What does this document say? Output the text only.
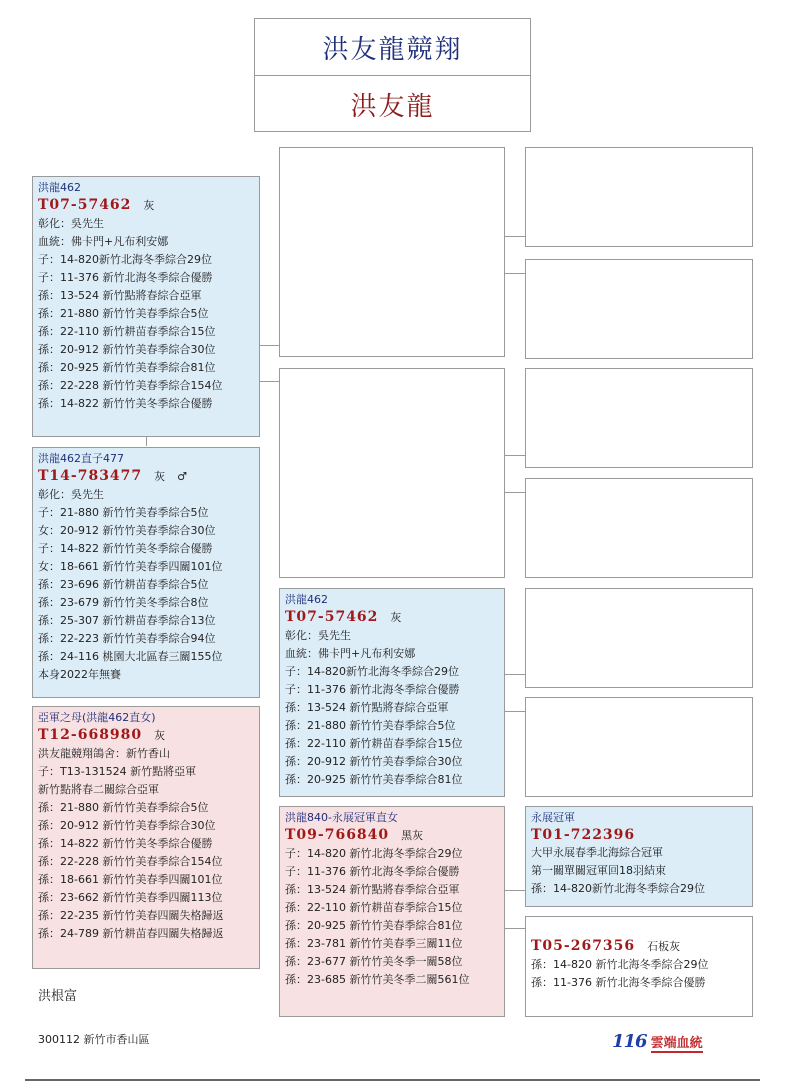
洪友龍競翔
洪友龍
洪龍462
T07-57462 灰
彰化：吳先生
血統：佛卡門+凡布利安娜
子：14-820新竹北海冬季綜合29位
子：11-376 新竹北海冬季綜合優勝
孫：13-524 新竹點將春綜合亞軍
孫：21-880 新竹竹美春季綜合5位
孫：22-110 新竹耕苗春季綜合15位
孫：20-912 新竹竹美春季綜合30位
孫：20-925 新竹竹美春季綜合81位
孫：22-228 新竹竹美春季綜合154位
孫：14-822 新竹竹美冬季綜合優勝
洪龍462直子477
T14-783477 灰 ♂
彰化：吳先生
子：21-880 新竹竹美春季綜合5位
女：20-912 新竹竹美春季綜合30位
子：14-822 新竹竹美冬季綜合優勝
女：18-661 新竹竹美春季四關101位
孫：23-696 新竹耕苗春季綜合5位
孫：23-679 新竹竹美冬季綜合8位
孫：25-307 新竹耕苗春季綜合13位
孫：22-223 新竹竹美春季綜合94位
孫：24-116 桃園大北區春三關155位
本身2022年無賽
亞軍之母(洪龍462直女)
T12-668980 灰
洪友龍競翔鴿舍：新竹香山
子：T13-131524 新竹點將亞軍
新竹點將春二關綜合亞軍
孫：21-880 新竹竹美春季綜合5位
孫：20-912 新竹竹美春季綜合30位
孫：14-822 新竹竹美冬季綜合優勝
孫：22-228 新竹竹美春季綜合154位
孫：18-661 新竹竹美春季四關101位
孫：23-662 新竹竹美春季四關113位
孫：22-235 新竹竹美春四關失格歸返
孫：24-789 新竹耕苗春四關失格歸返
洪龍462
T07-57462 灰
彰化：吳先生
血統：佛卡門+凡布利安娜
子：14-820新竹北海冬季綜合29位
子：11-376 新竹北海冬季綜合優勝
孫：13-524 新竹點將春綜合亞軍
孫：21-880 新竹竹美春季綜合5位
孫：22-110 新竹耕苗春季綜合15位
孫：20-912 新竹竹美春季綜合30位
孫：20-925 新竹竹美春季綜合81位
洪龍840-永展冠軍直女
T09-766840 黑灰
子：14-820 新竹北海冬季綜合29位
子：11-376 新竹北海冬季綜合優勝
孫：13-524 新竹點將春季綜合亞軍
孫：22-110 新竹耕苗春季綜合15位
孫：20-925 新竹竹美春季綜合81位
孫：23-781 新竹竹美春季三關11位
孫：23-677 新竹竹美冬季一關58位
孫：23-685 新竹竹美冬季二關561位
永展冠軍
T01-722396
大甲永展春季北海綜合冠軍
第一關單關冠軍回18羽結束
孫：14-820新竹北海冬季綜合29位
T05-267356 石板灰
孫：14-820 新竹北海冬季綜合29位
孫：11-376 新竹北海冬季綜合優勝
洪根富
300112 新竹市香山區	116 雲端血統
